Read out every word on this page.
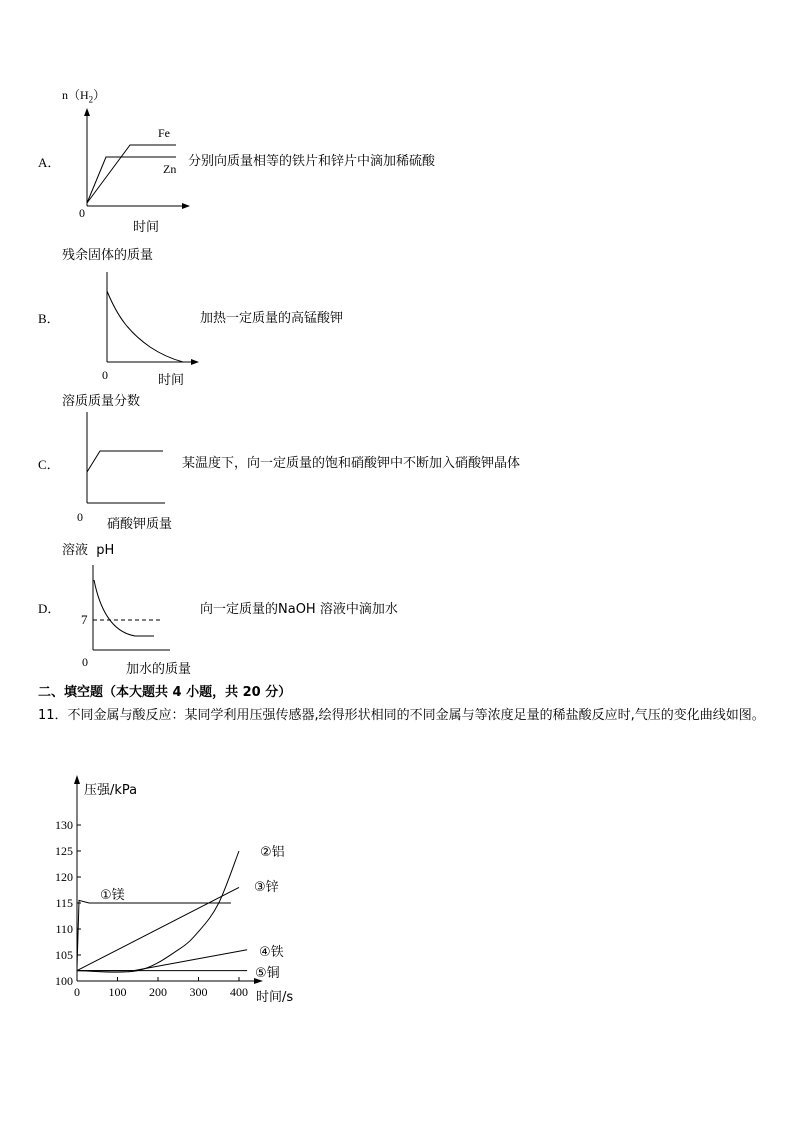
$n(H_2)$
A．
Fe
Zn
0
时间
分别向质量相等的铁片和锌片中滴加稀硫酸
残余固体的质量
B．
0	时间
加热一定质量的高锰酸钾
溶质质量分数
C．
0 硝酸钾质量
某温度下，向一定质量的饱和硝酸钾中不断加入硝酸钾晶体
溶液  pH
D．
7
0	加水的质量
向一定质量的NaOH 溶液中滴加水
二、填空题（本大题共 4 小题，共 20 分）
11．不同金属与酸反应：某同学利用压强传感器,绘得形状相同的不同金属与等浓度足量的稀盐酸反应时,气压的变化曲线如图。
100
105
110
115
120
125
130
0 100 200 300 400
①镁
②铝
③锌
④铁
⑤铜
压强/kPa
时间/s
